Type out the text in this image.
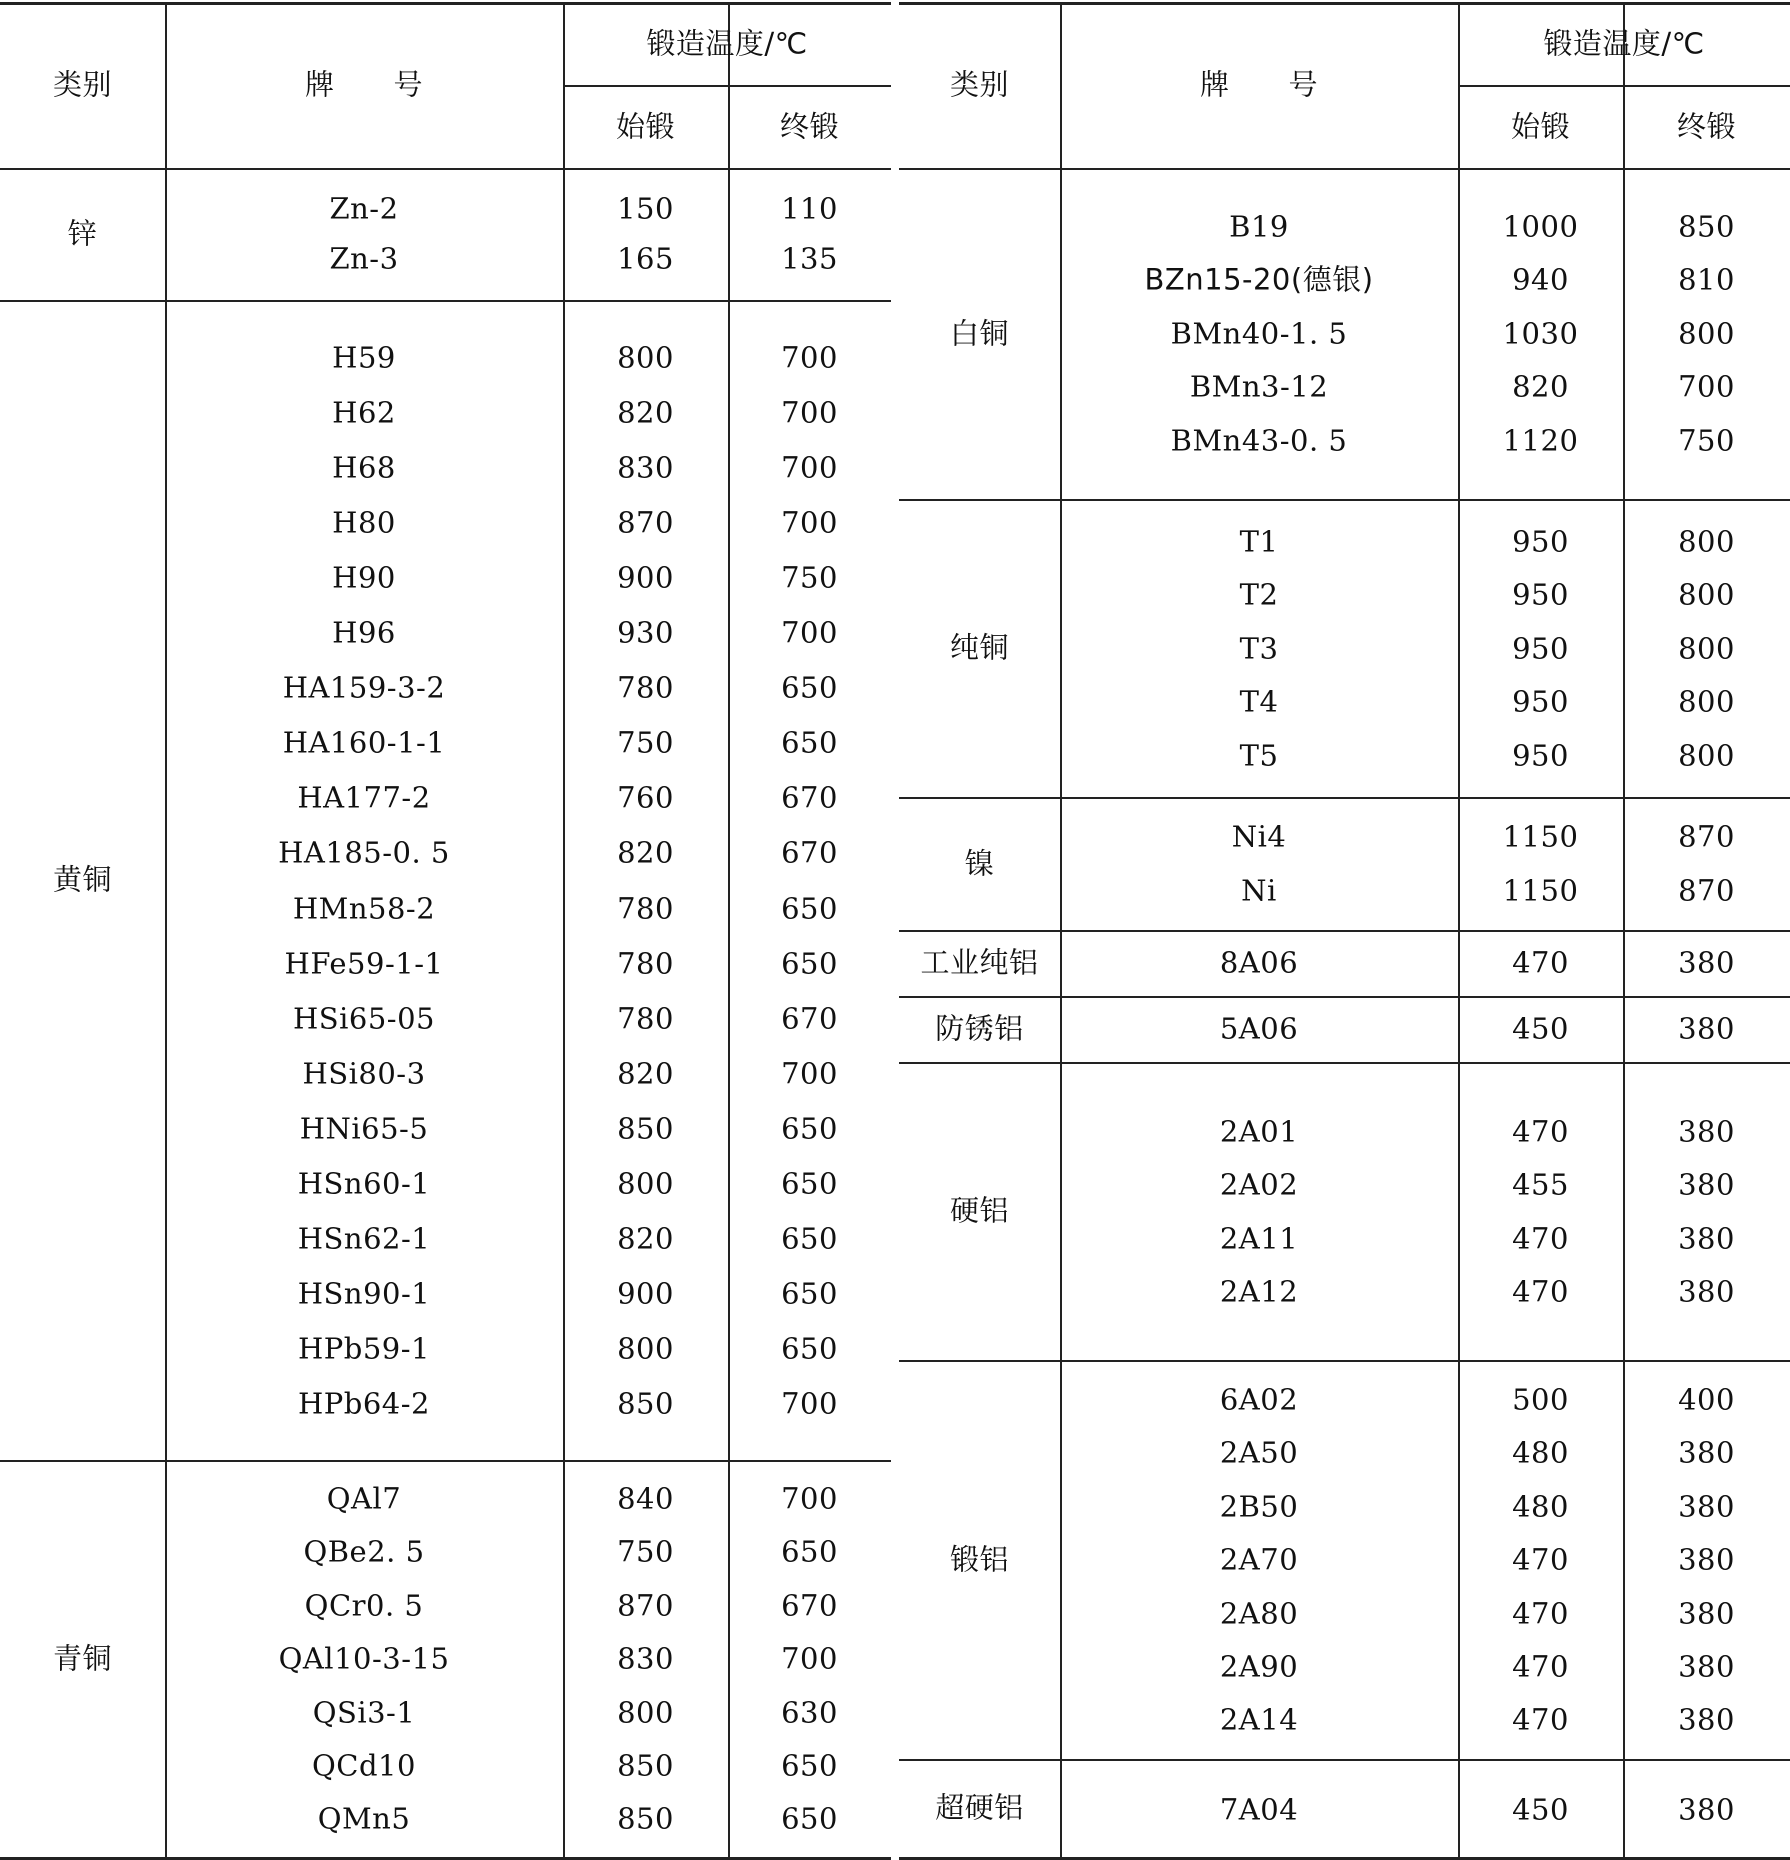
类别	牌　　号
锻造温度/℃
始锻	终锻
锌
Zn-2	150	110
Zn-3	165	135
黄铜
H59	800	700
H62	820	700
H68	830	700
H80	870	700
H90	900	750
H96	930	700
HA159-3-2	780	650
HA160-1-1	750	650
HA177-2	760	670
HA185-0. 5	820	670
HMn58-2	780	650
HFe59-1-1	780	650
HSi65-05	780	670
HSi80-3	820	700
HNi65-5	850	650
HSn60-1	800	650
HSn62-1	820	650
HSn90-1	900	650
HPb59-1	800	650
HPb64-2	850	700
青铜
QAl7	840	700
QBe2. 5	750	650
QCr0. 5	870	670
QAl10-3-15	830	700
QSi3-1	800	630
QCd10	850	650
QMn5	850	650
类别	牌　　号
锻造温度/℃
始锻	终锻
白铜
B19	1000	850
BZn15-20(德银)	940	810
BMn40-1. 5	1030	800
BMn3-12	820	700
BMn43-0. 5	1120	750
纯铜
T1	950	800
T2	950	800
T3	950	800
T4	950	800
T5	950	800
镍
Ni4	1150	870
Ni	1150	870
工业纯铝	8A06	470	380
防锈铝	5A06	450	380
硬铝
2A01	470	380
2A02	455	380
2A11	470	380
2A12	470	380
锻铝
6A02	500	400
2A50	480	380
2B50	480	380
2A70	470	380
2A80	470	380
2A90	470	380
2A14	470	380
超硬铝	7A04	450	380
